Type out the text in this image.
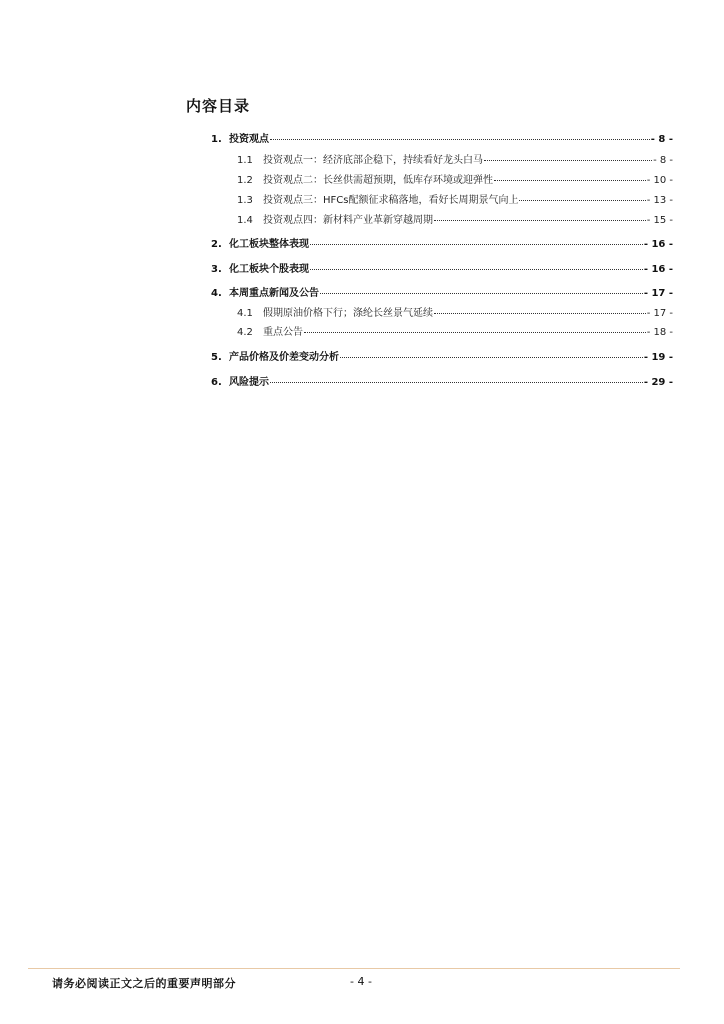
内容目录
1. 投资观点	- 8 -
1.1	投资观点一：经济底部企稳下，持续看好龙头白马	- 8 -
1.2	投资观点二：长丝供需超预期，低库存环境或迎弹性	- 10 -
1.3	投资观点三：HFCs配额征求稿落地，看好长周期景气向上	- 13 -
1.4	投资观点四：新材料产业革新穿越周期	- 15 -
2. 化工板块整体表现	- 16 -
3. 化工板块个股表现	- 16 -
4. 本周重点新闻及公告	- 17 -
4.1	假期原油价格下行；涤纶长丝景气延续	- 17 -
4.2	重点公告	- 18 -
5. 产品价格及价差变动分析	- 19 -
6. 风险提示	- 29 -
请务必阅读正文之后的重要声明部分	- 4 -
